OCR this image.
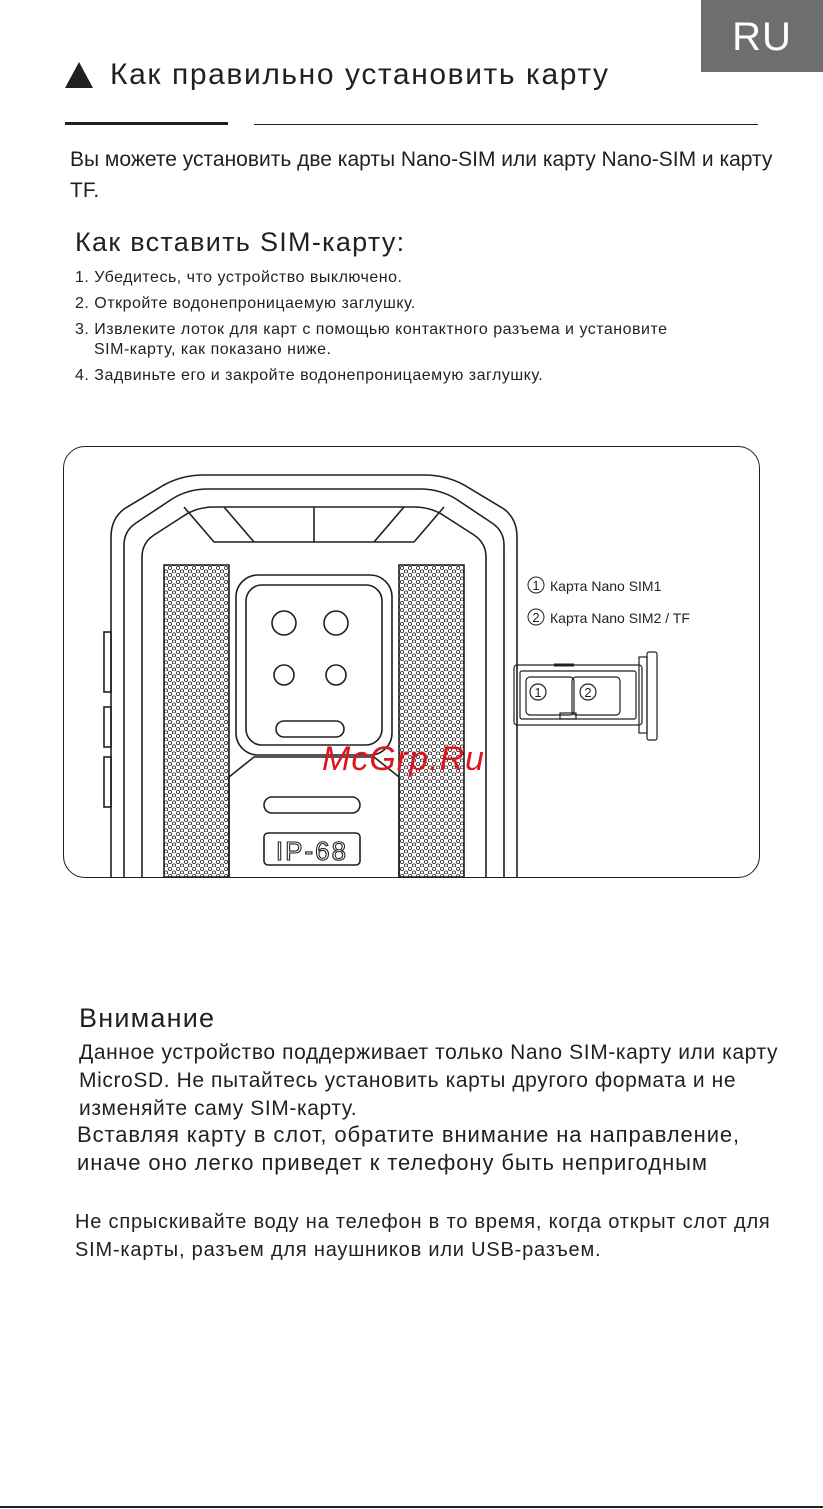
RU
Как правильно установить карту
Вы можете установить две карты Nano-SIM или карту Nano-SIM и карту TF.
Как вставить SIM-карту:
1. Убедитесь, что устройство выключено.
2. Откройте водонепроницаемую заглушку.
3. Извлеките лоток для карт с помощью контактного разъема и установите
SIM-карту, как показано ниже.
4. Задвиньте его и закройте водонепроницаемую заглушку.
IP-68
1 Карта Nano SIM1
2 Карта Nano SIM2 / TF
1	2
McGrp.Ru
Внимание
Данное устройство поддерживает только Nano SIM-карту или карту MicroSD. Не пытайтесь установить карты другого формата и не изменяйте саму SIM-карту.
Вставляя карту в слот, обратите внимание на направление, иначе оно легко приведет к телефону быть непригодным
Не спрыскивайте воду на телефон в то время, когда открыт слот для SIM-карты, разъем для наушников или USB-разъем.
